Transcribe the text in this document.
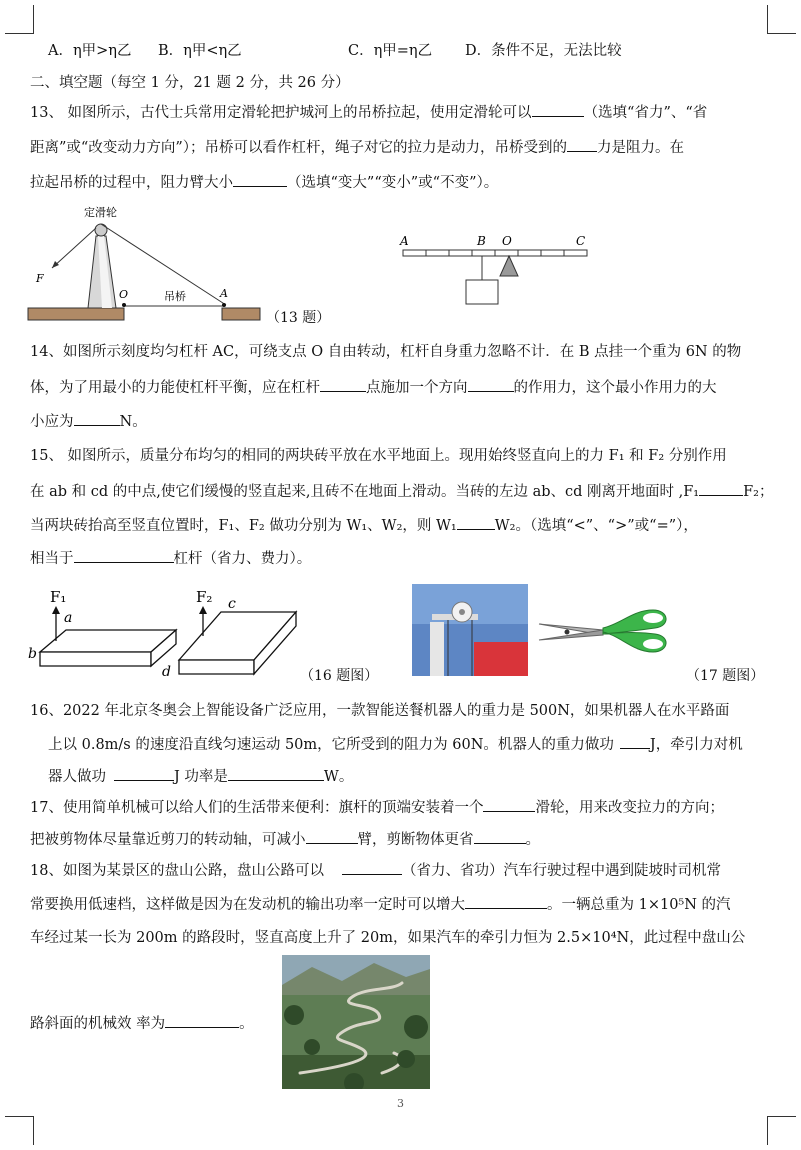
A．η甲>η乙 B．η甲<η乙	C．η甲=η乙 D．条件不足，无法比较
二、填空题（每空 1 分，21 题 2 分，共 26 分）
13、 如图所示，古代士兵常用定滑轮把护城河上的吊桥拉起，使用定滑轮可以	（选填“省力”、“省
距离”或“改变动力方向”）；吊桥可以看作杠杆，绳子对它的拉力是动力，吊桥受到的 力是阻力。在
拉起吊桥的过程中，阻力臂大小	（选填“变大”“变小”或“不变”）。
定滑轮
吊桥
F
O	A
（13 题）
A	B O	C
14、如图所示刻度均匀杠杆 AC，可绕支点 O 自由转动，杠杆自身重力忽略不计．在 B 点挂一个重为 6N 的物
体，为了用最小的力能使杠杆平衡，应在杠杆	点施加一个方向	的作用力，这个最小作用力的大
小应为	N。
15、 如图所示，质量分布均匀的相同的两块砖平放在水平地面上。现用始终竖直向上的力 F₁ 和 F₂ 分别作用
在 ab 和 cd 的中点,使它们缓慢的竖直起来,且砖不在地面上滑动。当砖的左边 ab、cd 刚离开地面时 ,F₁	F₂；
当两块砖抬高至竖直位置时，F₁、F₂ 做功分别为 W₁、W₂，则 W₁	W₂。（选填“<”、“>”或“=”），
相当于	杠杆（省力、费力）。
F₁	F₂
a
b
c
d	（16 题图）	（17 题图）
16、2022 年北京冬奥会上智能设备广泛应用，一款智能送餐机器人的重力是 500N，如果机器人在水平路面
上以 0.8m/s 的速度沿直线匀速运动 50m，它所受到的阻力为 60N。机器人的重力做功 J，牵引力对机
器人做功	J 功率是	W。
17、使用简单机械可以给人们的生活带来便利：旗杆的顶端安装着一个	滑轮，用来改变拉力的方向；
把被剪物体尽量靠近剪刀的转动轴，可减小	臂，剪断物体更省	。
18、如图为某景区的盘山公路，盘山公路可以	（省力、省功）汽车行驶过程中遇到陡坡时司机常
常要换用低速档，这样做是因为在发动机的输出功率一定时可以增大	。一辆总重为 1×10⁵N 的汽
车经过某一长为 200m 的路段时，竖直高度上升了 20m，如果汽车的牵引力恒为 2.5×10⁴N，此过程中盘山公
路斜面的机械效 率为	。
3
